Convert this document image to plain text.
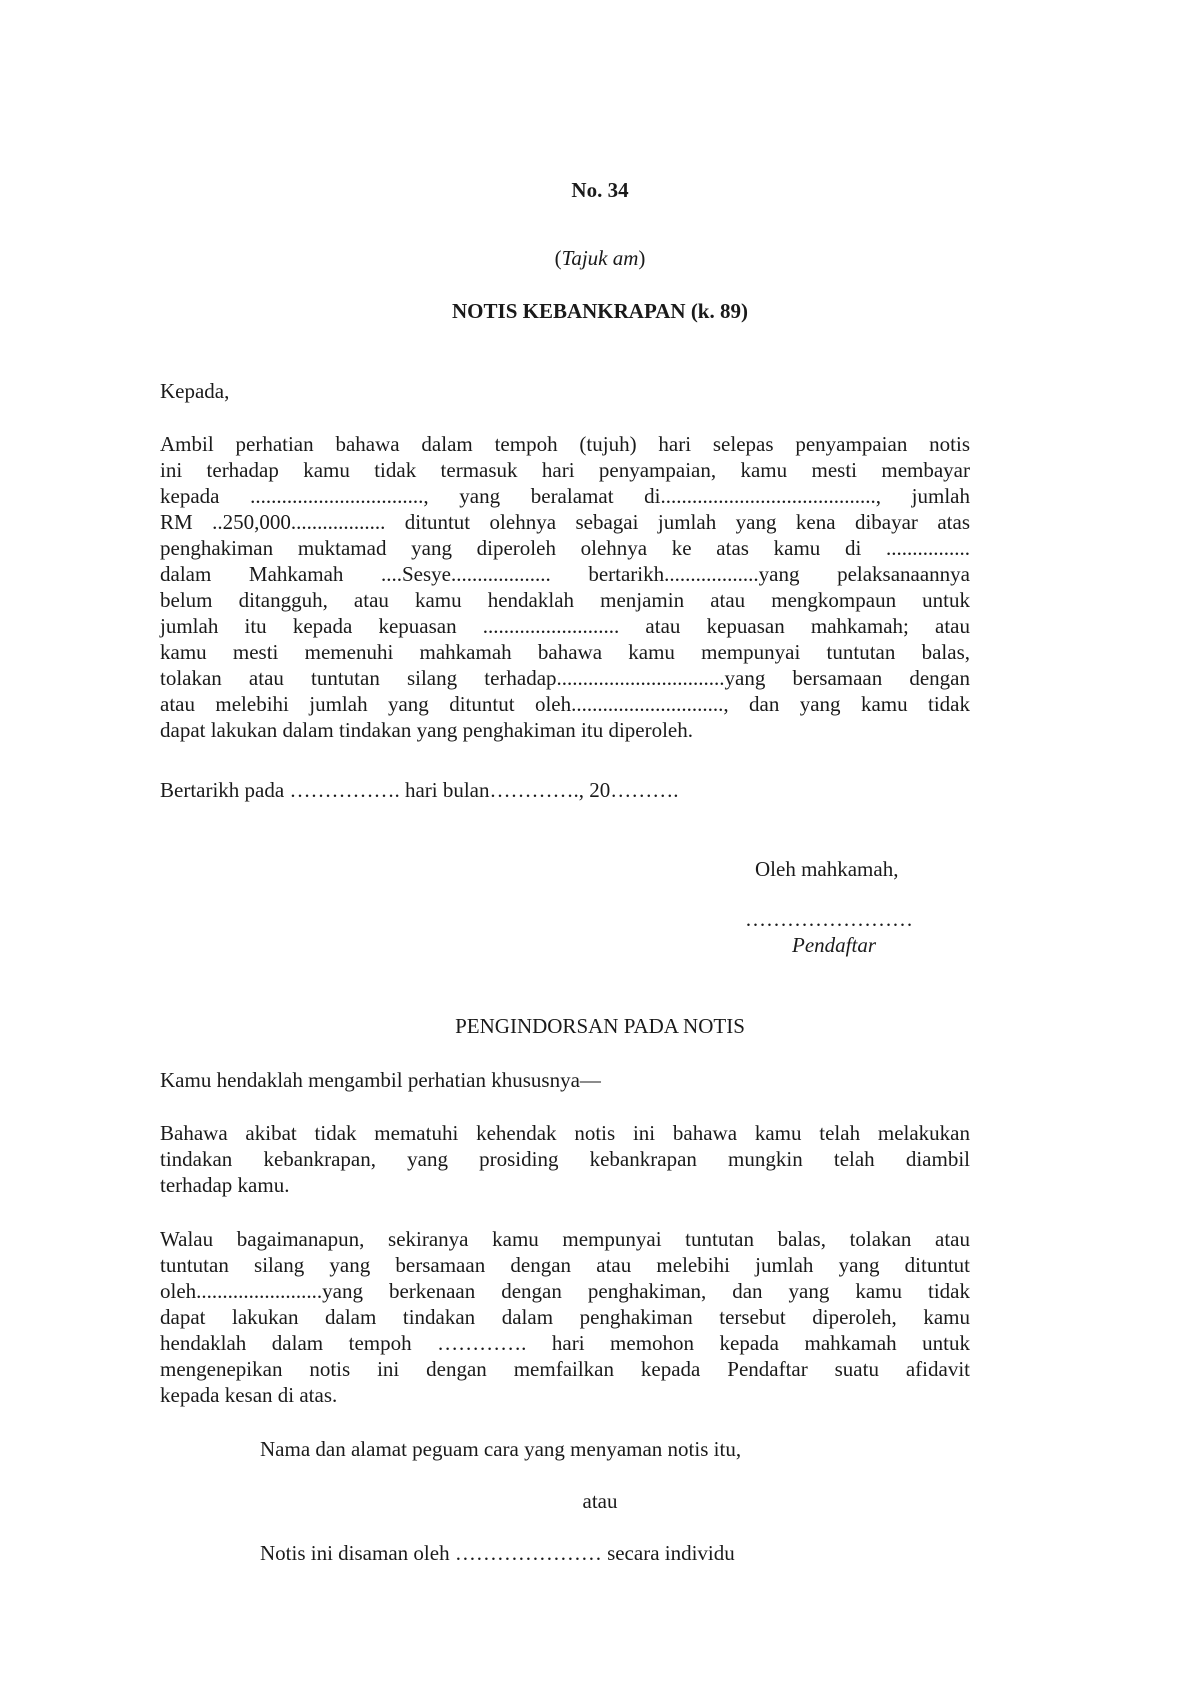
No. 34
(Tajuk am)
NOTIS KEBANKRAPAN (k. 89)
Kepada,
Ambil perhatian bahawa dalam tempoh (tujuh) hari selepas penyampaian notis
ini terhadap kamu tidak termasuk hari penyampaian, kamu mesti membayar
kepada ................................., yang beralamat di........................................., jumlah
RM ..250,000.................. dituntut olehnya sebagai jumlah yang kena dibayar atas
penghakiman muktamad yang diperoleh olehnya ke atas kamu di ................
dalam Mahkamah ....Sesye................... bertarikh..................yang pelaksanaannya
belum ditangguh, atau kamu hendaklah menjamin atau mengkompaun untuk
jumlah itu kepada kepuasan .......................... atau kepuasan mahkamah; atau
kamu mesti memenuhi mahkamah bahawa kamu mempunyai tuntutan balas,
tolakan atau tuntutan silang terhadap................................yang bersamaan dengan
atau melebihi jumlah yang dituntut oleh............................., dan yang kamu tidak
dapat lakukan dalam tindakan yang penghakiman itu diperoleh.
Bertarikh pada ……………. hari bulan…………., 20……….
Oleh mahkamah,
……………………
Pendaftar
PENGINDORSAN PADA NOTIS
Kamu hendaklah mengambil perhatian khususnya—
Bahawa akibat tidak mematuhi kehendak notis ini bahawa kamu telah melakukan
tindakan kebankrapan, yang prosiding kebankrapan mungkin telah diambil
terhadap kamu.
Walau bagaimanapun, sekiranya kamu mempunyai tuntutan balas, tolakan atau
tuntutan silang yang bersamaan dengan atau melebihi jumlah yang dituntut
oleh........................yang berkenaan dengan penghakiman, dan yang kamu tidak
dapat lakukan dalam tindakan dalam penghakiman tersebut diperoleh, kamu
hendaklah dalam tempoh …………. hari memohon kepada mahkamah untuk
mengenepikan notis ini dengan memfailkan kepada Pendaftar suatu afidavit
kepada kesan di atas.
Nama dan alamat peguam cara yang menyaman notis itu,
atau
Notis ini disaman oleh ………………… secara individu
